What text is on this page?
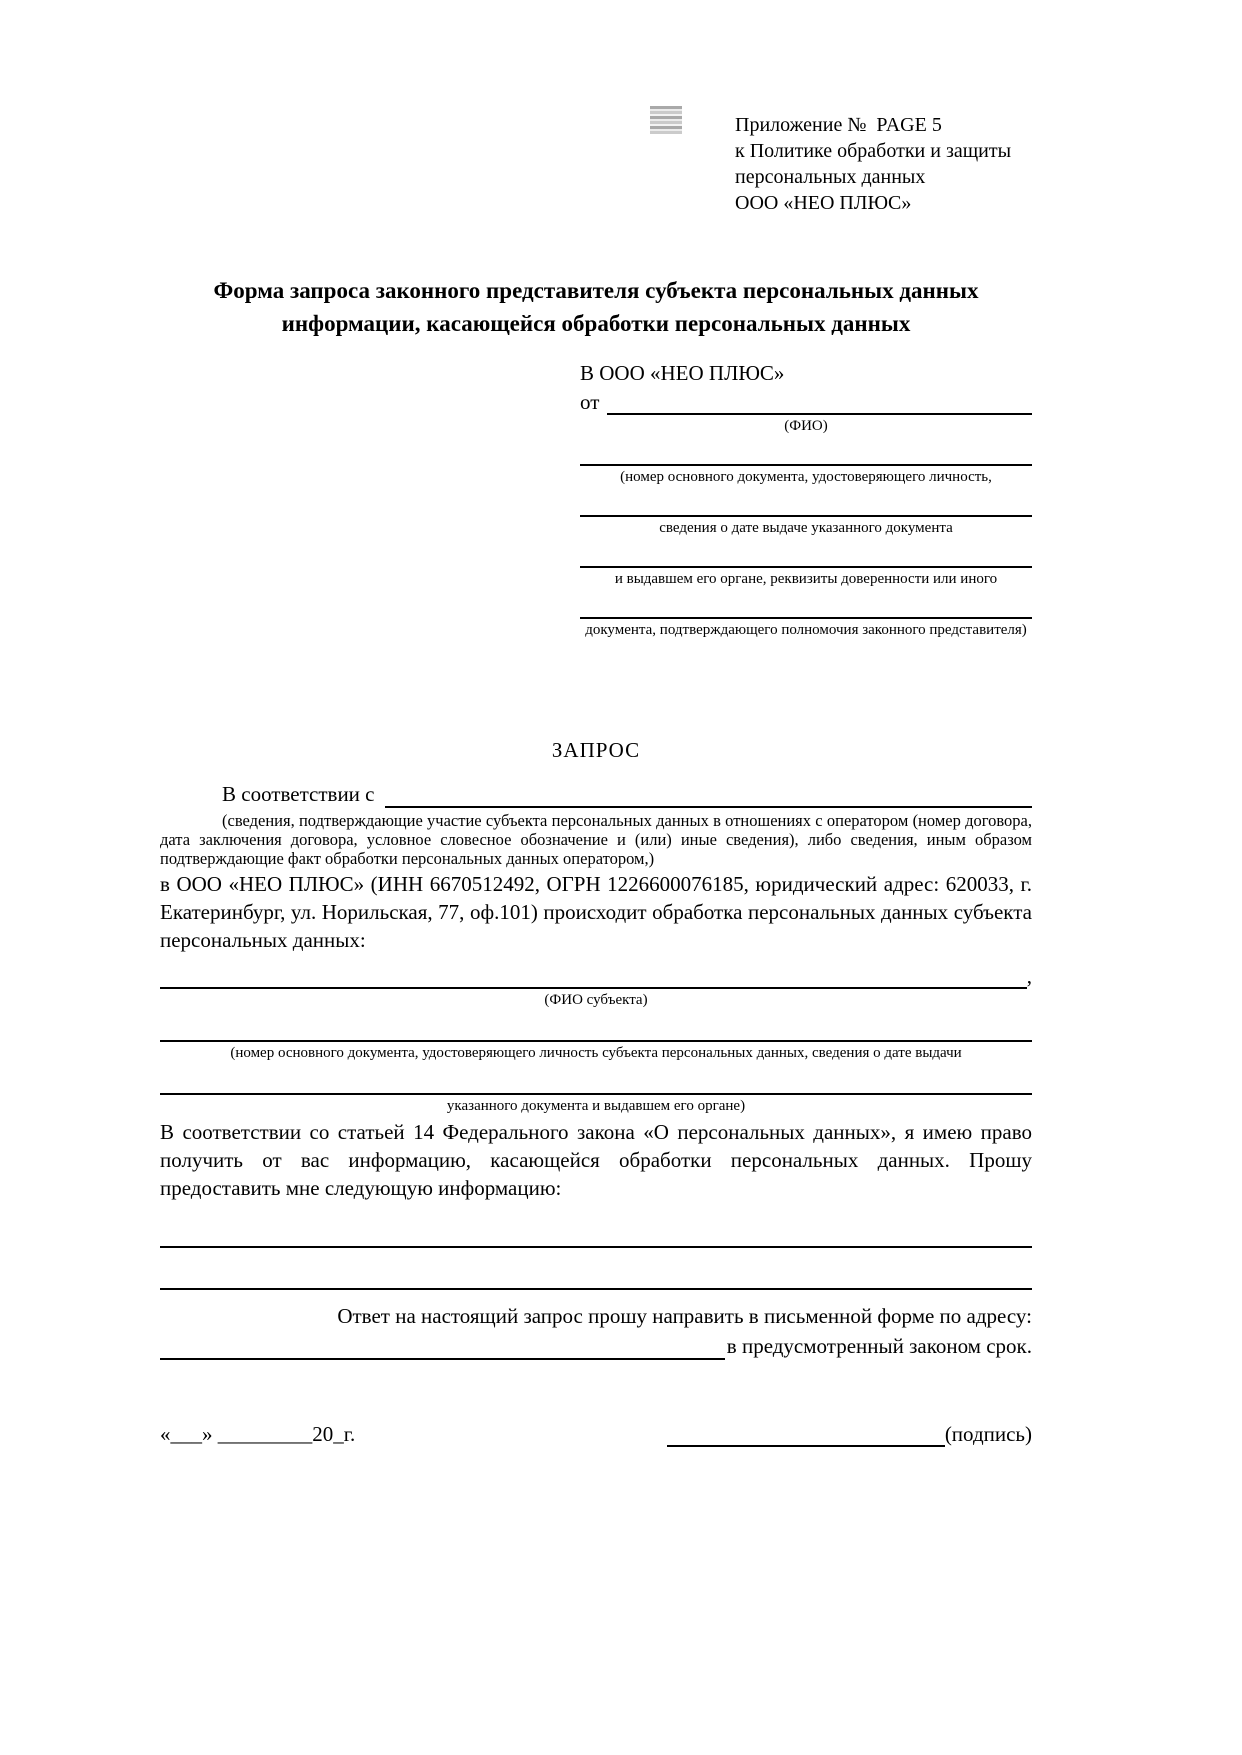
Приложение №  PAGE 5
к Политике обработки и защиты
персональных данных
ООО «НЕО ПЛЮС»
Форма запроса законного представителя субъекта персональных данных
информации, касающейся обработки персональных данных
В ООО «НЕО ПЛЮС»
от
(ФИО)
(номер основного документа, удостоверяющего личность,
сведения о дате выдаче указанного документа
и выдавшем его органе, реквизиты доверенности или иного
документа, подтверждающего полномочия законного представителя)
ЗАПРОС
В соответствии с
(сведения, подтверждающие участие субъекта персональных данных в отношениях с оператором (номер договора, дата заключения договора, условное словесное обозначение и (или) иные сведения), либо сведения, иным образом подтверждающие факт обработки персональных данных оператором,)
в ООО «НЕО ПЛЮС» (ИНН 6670512492, ОГРН 1226600076185, юридический адрес: 620033, г. Екатеринбург, ул. Норильская, 77, оф.101) происходит обработка персональных данных субъекта персональных данных:
,
(ФИО субъекта)
(номер основного документа, удостоверяющего личность субъекта персональных данных, сведения о дате выдачи
указанного документа и выдавшем его органе)
В соответствии со статьей 14 Федерального закона «О персональных данных», я имею право получить от вас информацию, касающейся обработки персональных данных. Прошу предоставить мне следующую информацию:
Ответ на настоящий запрос прошу направить в письменной форме по адресу:
в предусмотренный законом срок.
«___» _________20_г.	(подпись)
